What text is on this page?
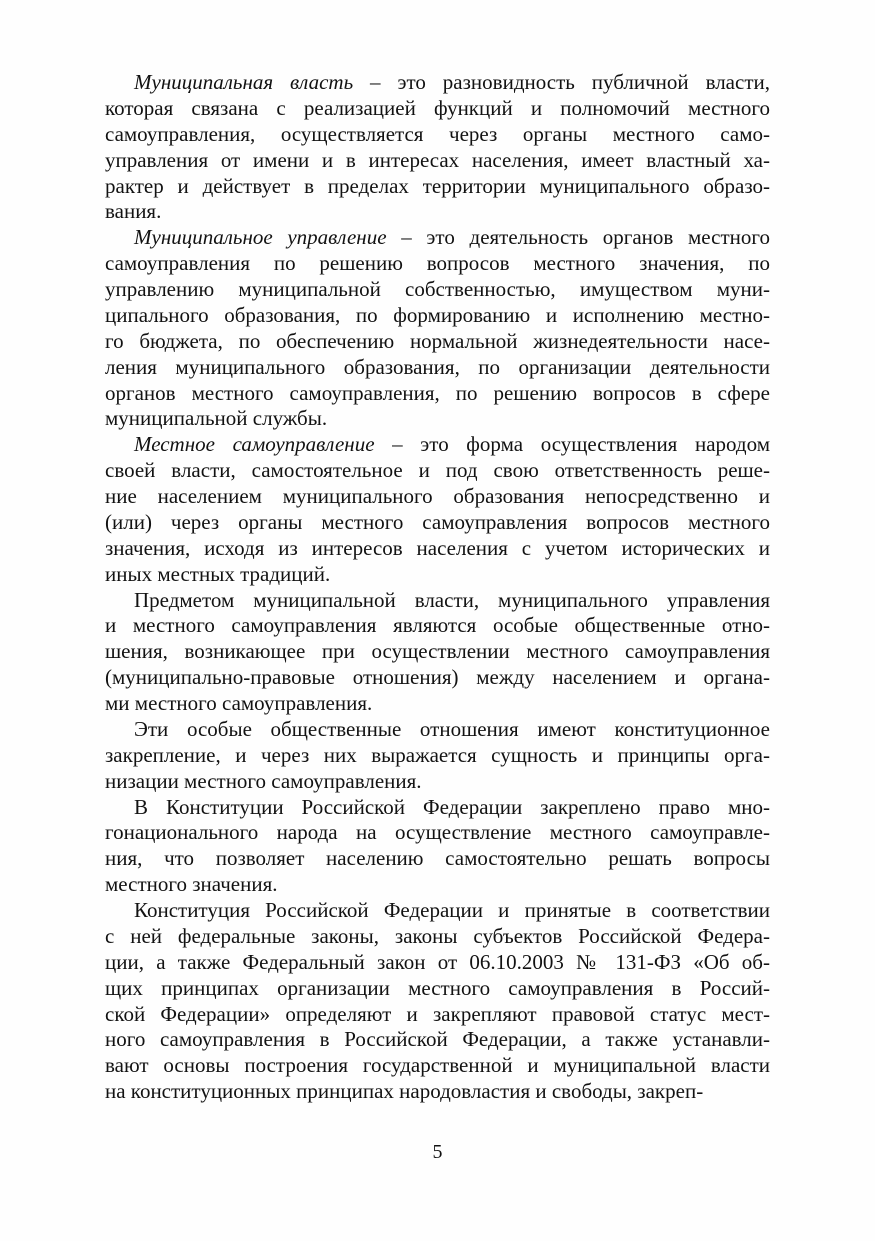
Муниципальная власть – это разновидность публичной власти,
которая связана с реализацией функций и полномочий местного
самоуправления, осуществляется через органы местного само-
управления от имени и в интересах населения, имеет властный ха-
рактер и действует в пределах территории муниципального образо-
вания.
Муниципальное управление – это деятельность органов местного
самоуправления по решению вопросов местного значения, по
управлению муниципальной собственностью, имуществом муни-
ципального образования, по формированию и исполнению местно-
го бюджета, по обеспечению нормальной жизнедеятельности насе-
ления муниципального образования, по организации деятельности
органов местного самоуправления, по решению вопросов в сфере
муниципальной службы.
Местное самоуправление – это форма осуществления народом
своей власти, самостоятельное и под свою ответственность реше-
ние населением муниципального образования непосредственно и
(или) через органы местного самоуправления вопросов местного
значения, исходя из интересов населения с учетом исторических и
иных местных традиций.
Предметом муниципальной власти, муниципального управления
и местного самоуправления являются особые общественные отно-
шения, возникающее при осуществлении местного самоуправления
(муниципально-правовые отношения) между населением и органа-
ми местного самоуправления.
Эти особые общественные отношения имеют конституционное
закрепление, и через них выражается сущность и принципы орга-
низации местного самоуправления.
В Конституции Российской Федерации закреплено право мно-
гонационального народа на осуществление местного самоуправле-
ния, что позволяет населению самостоятельно решать вопросы
местного значения.
Конституция Российской Федерации и принятые в соответствии
с ней федеральные законы, законы субъектов Российской Федера-
ции, а также Федеральный закон от 06.10.2003 № 131-ФЗ «Об об-
щих принципах организации местного самоуправления в Россий-
ской Федерации» определяют и закрепляют правовой статус мест-
ного самоуправления в Российской Федерации, а также устанавли-
вают основы построения государственной и муниципальной власти
на конституционных принципах народовластия и свободы, закреп-
5
